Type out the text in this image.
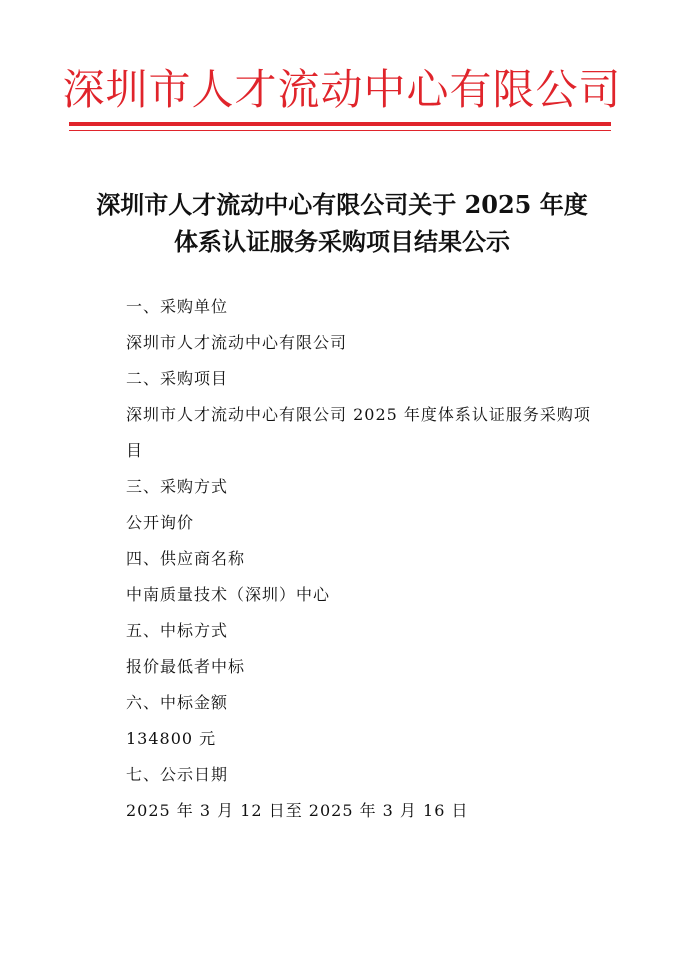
深圳市人才流动中心有限公司
深圳市人才流动中心有限公司关于 2025 年度
体系认证服务采购项目结果公示
一、采购单位
深圳市人才流动中心有限公司
二、采购项目
深圳市人才流动中心有限公司 2025 年度体系认证服务采购项目
三、采购方式
公开询价
四、供应商名称
中南质量技术（深圳）中心
五、中标方式
报价最低者中标
六、中标金额
134800 元
七、公示日期
2025 年 3 月 12 日至 2025 年 3 月 16 日
